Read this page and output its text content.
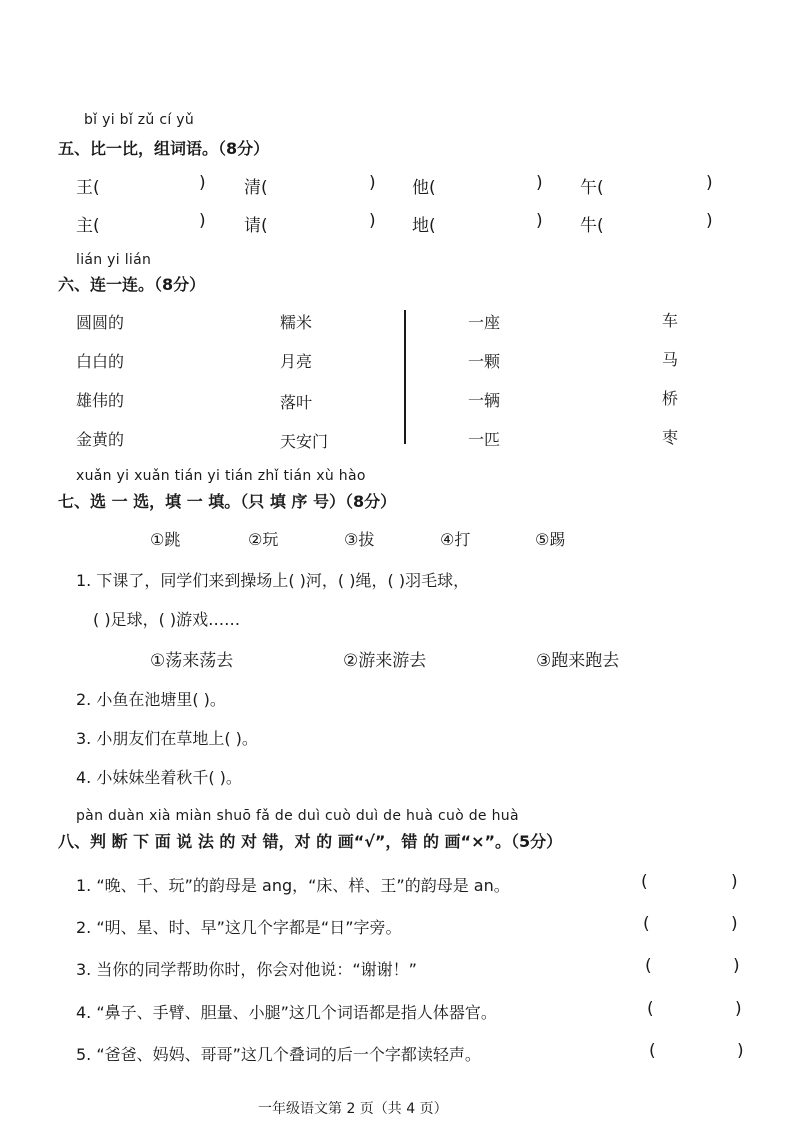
bǐ yi bǐ zǔ cí yǔ
五、比一比，组词语。（8分）
王(	) 清(	) 他(	) 午(	)
主(	) 请(	) 地(	) 牛(	)
lián yi lián
六、连一连。（8分）
圆圆的
白白的
雄伟的
金黄的
糯米
月亮
落叶
天安门
一座
一颗
一辆
一匹
车
马
桥
枣
xuǎn yi xuǎn tián yi tián zhǐ tián xù hào
七、选 一 选，填 一 填。（只 填 序 号）（8分）
①跳	②玩	③拔	④打	⑤踢
1. 下课了，同学们来到操场上( )河，( )绳，( )羽毛球，
( )足球，( )游戏……
①荡来荡去	②游来游去	③跑来跑去
2. 小鱼在池塘里( )。
3. 小朋友们在草地上( )。
4. 小妹妹坐着秋千( )。
pàn duàn xià miàn shuō fǎ de duì cuò duì de huà cuò de huà
八、判 断 下 面 说 法 的 对 错，对 的 画“√”，错 的 画“×”。（5分）
1. “晚、千、玩”的韵母是 ang，“床、样、王”的韵母是 an。	(	)
2. “明、星、时、早”这几个字都是“日”字旁。	(	)
3. 当你的同学帮助你时，你会对他说：“谢谢！”	(	)
4. “鼻子、手臂、胆量、小腿”这几个词语都是指人体器官。	(	)
5. “爸爸、妈妈、哥哥”这几个叠词的后一个字都读轻声。	(	)
一年级语文第 2 页（共 4 页）
